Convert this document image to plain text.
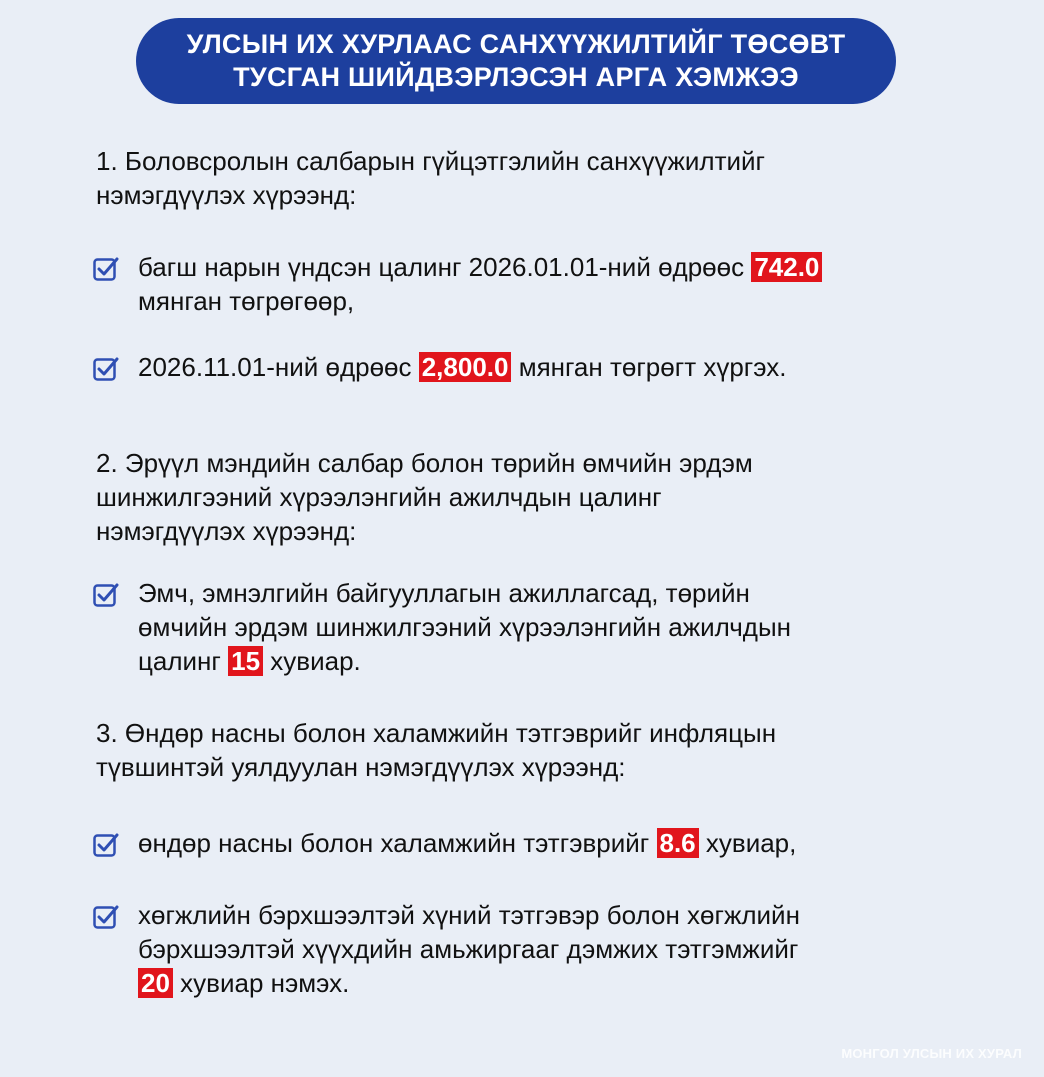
УЛСЫН ИХ ХУРЛААС САНХҮҮЖИЛТИЙГ ТӨСӨВТ
ТУСГАН ШИЙДВЭРЛЭСЭН АРГА ХЭМЖЭЭ
1. Боловсролын салбарын гүйцэтгэлийн санхүүжилтийг
нэмэгдүүлэх хүрээнд:
багш нарын үндсэн цалинг 2026.01.01-ний өдрөөс 742.0
мянган төгрөгөөр,
2026.11.01-ний өдрөөс 2,800.0 мянган төгрөгт хүргэх.
2. Эрүүл мэндийн салбар болон төрийн өмчийн эрдэм
шинжилгээний хүрээлэнгийн ажилчдын цалинг
нэмэгдүүлэх хүрээнд:
Эмч, эмнэлгийн байгууллагын ажиллагсад, төрийн
өмчийн эрдэм шинжилгээний хүрээлэнгийн ажилчдын
цалинг 15 хувиар.
3. Өндөр насны болон халамжийн тэтгэврийг инфляцын
түвшинтэй уялдуулан нэмэгдүүлэх хүрээнд:
өндөр насны болон халамжийн тэтгэврийг 8.6 хувиар,
хөгжлийн бэрхшээлтэй хүний тэтгэвэр болон хөгжлийн
бэрхшээлтэй хүүхдийн амьжиргааг дэмжих тэтгэмжийг
20 хувиар нэмэх.
МОНГОЛ УЛСЫН ИХ ХУРАЛ
